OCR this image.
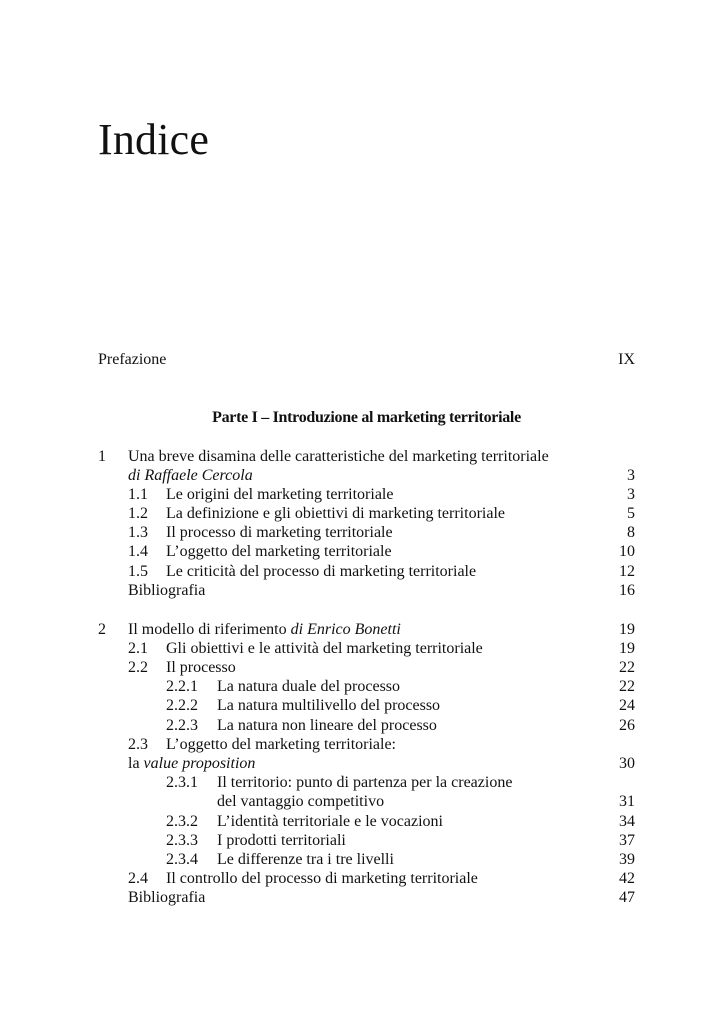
Indice
Prefazione	IX
Parte I – Introduzione al marketing territoriale
1 Una breve disamina delle caratteristiche del marketing territoriale
di Raffaele Cercola	3
1.1 Le origini del marketing territoriale	3
1.2 La definizione e gli obiettivi di marketing territoriale	5
1.3 Il processo di marketing territoriale	8
1.4 L’oggetto del marketing territoriale	10
1.5 Le criticità del processo di marketing territoriale	12
Bibliografia	16
2 Il modello di riferimento di Enrico Bonetti	19
2.1 Gli obiettivi e le attività del marketing territoriale	19
2.2 Il processo	22
2.2.1 La natura duale del processo	22
2.2.2 La natura multilivello del processo	24
2.2.3 La natura non lineare del processo	26
2.3 L’oggetto del marketing territoriale:
la value proposition	30
2.3.1 Il territorio: punto di partenza per la creazione
del vantaggio competitivo	31
2.3.2 L’identità territoriale e le vocazioni	34
2.3.3 I prodotti territoriali	37
2.3.4 Le differenze tra i tre livelli	39
2.4 Il controllo del processo di marketing territoriale	42
Bibliografia	47
